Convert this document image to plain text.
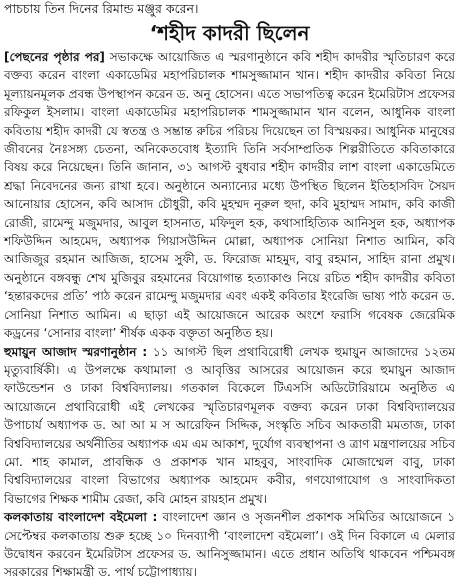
পাচচায় তিন দিনের রিমান্ড মঞ্জুর করেন।
‘শহীদ কাদরী ছিলেন

[পেছনের পৃষ্ঠার পর] সভাকক্ষে আয়োজিত এ স্মরণানুষ্ঠানে কবি শহীদ কাদরীর স্মৃতিচারণ করে বক্তব্য করেন বাংলা একাডেমির মহাপরিচালক শামসুজ্জামান খান। শহীদ কাদরীর কবিতা নিয়ে মূল্যায়নমূলক প্রবন্ধ উপস্থাপন করেন ড. অনু হোসেন। এতে সভাপতিত্ব করেন ইমেরিটাস প্রফেসর রফিকুল ইসলাম। বাংলা একাডেমির মহাপরিচালক শামসুজ্জামান খান বলেন, আধুনিক বাংলা কবিতায় শহীদ কাদরী যে স্বতন্ত্র ও সম্ভ্রান্ত রুচির পরিচয় দিয়েছেন তা বিস্ময়কর। আধুনিক মানুষের জীবনের নৈঃসঙ্গ্য চেতনা, অনিকেতবোধ ইত্যাদি তিনি সর্বসাম্প্রতিক শিল্পরীতিতে কবিতাকারে বিষয় করে নিয়েছেন। তিনি জানান, ৩১ আগস্ট বুধবার শহীদ কাদরীর লাশ বাংলা একাডেমিতে শ্রদ্ধা নিবেদনের জন্য রাখা হবে। অনুষ্ঠানে অন্যান্যের মধ্যে উপস্থিত ছিলেন ইতিহাসবিদ সৈয়দ আনোয়ার হোসেন, কবি আসাদ চৌধুরী, কবি মুহম্মদ নূরুল হুদা, কবি মুহাম্মদ সামাদ, কবি কাজী রোজী, রামেন্দু মজুমদার, আবুল হাসনাত, মফিদুল হক, কথাসাহিত্যিক আনিসুল হক, অধ্যাপক শফিউদ্দিন আহমেদ, অধ্যাপক গিয়াসউদ্দিন মোল্লা, অধ্যাপক সোনিয়া নিশাত আমিন, কবি আজিজুর রহমান আজিজ, হাসেম সুফী, ড. ফিরোজ মাহমুদ, বাবু রহমান, সাহিদ রানা প্রমুখ। অনুষ্ঠানে বঙ্গবন্ধু শেখ মুজিবুর রহমানের বিয়োগান্ত হত্যাকাণ্ড নিয়ে রচিত শহীদ কাদরীর কবিতা ‘হন্তারকদের প্রতি’ পাঠ করেন রামেন্দু মজুমদার এবং একই কবিতার ইংরেজি ভাষ্য পাঠ করেন ড. সোনিয়া নিশাত আমিন। এ ছাড়া এই আয়োজনে আরেক অংশে ফরাসি গবেষক জেরেমিক কড্রনের ‘সোনার বাংলা’ শীর্ষক একক বক্তৃতা অনুষ্ঠিত হয়।

হুমায়ুন আজাদ স্মরণানুষ্ঠান : ১১ আগস্ট ছিল প্রথাবিরোধী লেখক হুমায়ুন আজাদের ১২তম মৃত্যুবার্ষিকী। এ উপলক্ষে কথামালা ও আবৃত্তির আসরের আয়োজন করে হুমায়ুন আজাদ ফাউন্ডেশন ও ঢাকা বিশ্ববিদ্যালয়। গতকাল বিকেলে টিএসসি অডিটোরিয়ামে অনুষ্ঠিত এ আয়োজনে প্রথাবিরোধী এই লেখকের স্মৃতিচারণমূলক বক্তব্য করেন ঢাকা বিশ্ববিদ্যালয়ের উপাচার্য অধ্যাপক ড. আ আ ম স আরেফিন সিদ্দিক, সংস্কৃতি সচিব আকতারী মমতাজ, ঢাকা বিশ্ববিদ্যালয়ের অর্থনীতির অধ্যাপক এম এম আকাশ, দুর্যোগ ব্যবস্থাপনা ও ত্রাণ মন্ত্রণালয়ের সচিব মো. শাহ কামাল, প্রাবন্ধিক ও প্রকাশক খান মাহবুব, সাংবাদিক মোজাম্মেল বাবু, ঢাকা বিশ্ববিদ্যালয়ের বাংলা বিভাগের অধ্যাপক আহমেদ কবীর, গণযোগাযোগ ও সাংবাদিকতা বিভাগের শিক্ষক শামীম রেজা, কবি মোহন রায়হান প্রমুখ।

কলকাতায় বাংলাদেশ বইমেলা : বাংলাদেশ জ্ঞান ও সৃজনশীল প্রকাশক সমিতির আয়োজনে ১ সেপ্টেম্বর কলকাতায় শুরু হচ্ছে ১০ দিনব্যাপী ‘বাংলাদেশ বইমেলা’। ওই দিন বিকালে এ মেলার উদ্বোধন করবেন ইমেরিটাস প্রফেসর ড. আনিসুজ্জামান। এতে প্রধান অতিথি থাকবেন পশ্চিমবঙ্গ সরকারের শিক্ষামন্ত্রী ড. পার্থ চট্টোপাধ্যায়।
